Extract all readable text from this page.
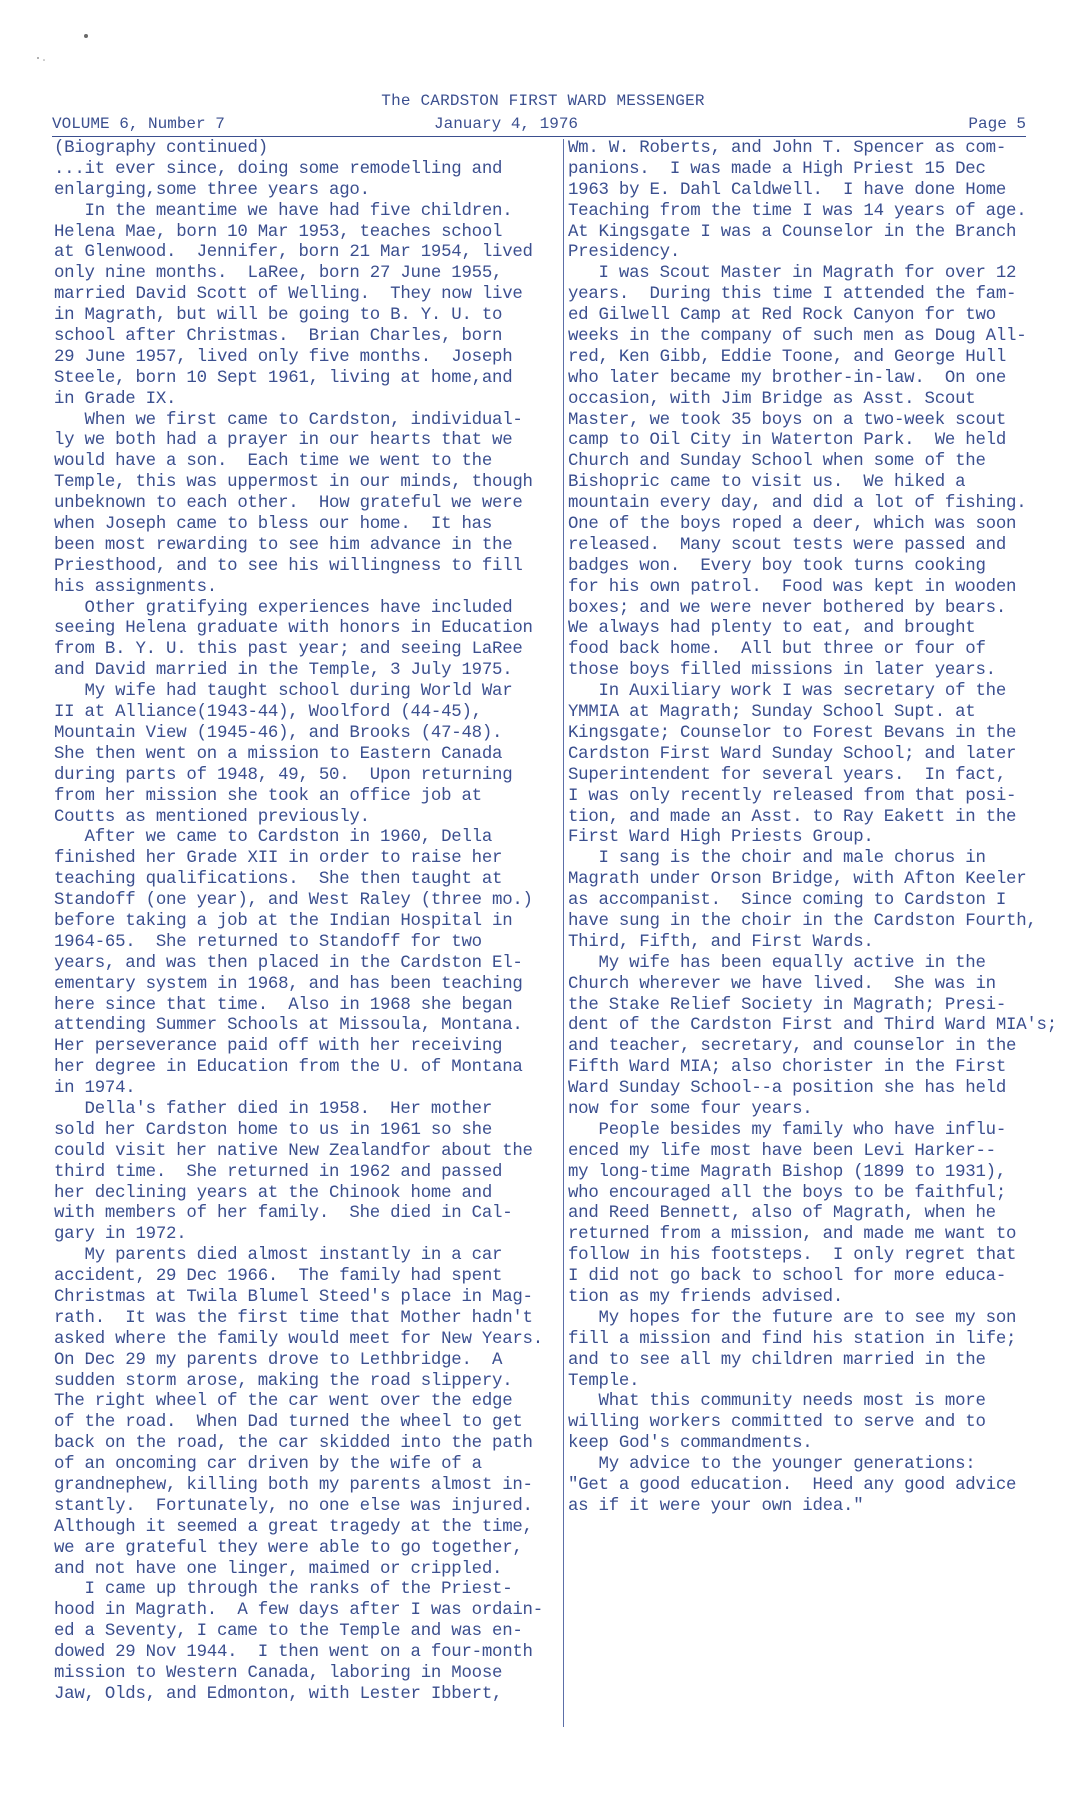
The CARDSTON FIRST WARD MESSENGER
VOLUME 6, Number 7	January 4, 1976	Page 5
(Biography continued)
...it ever since, doing some remodelling and
enlarging,some three years ago.
In the meantime we have had five children.
Helena Mae, born 10 Mar 1953, teaches school
at Glenwood.  Jennifer, born 21 Mar 1954, lived
only nine months.  LaRee, born 27 June 1955,
married David Scott of Welling.  They now live
in Magrath, but will be going to B. Y. U. to
school after Christmas.  Brian Charles, born
29 June 1957, lived only five months.  Joseph
Steele, born 10 Sept 1961, living at home,and
in Grade IX.
When we first came to Cardston, individual-
ly we both had a prayer in our hearts that we
would have a son.  Each time we went to the
Temple, this was uppermost in our minds, though
unbeknown to each other.  How grateful we were
when Joseph came to bless our home.  It has
been most rewarding to see him advance in the
Priesthood, and to see his willingness to fill
his assignments.
Other gratifying experiences have included
seeing Helena graduate with honors in Education
from B. Y. U. this past year; and seeing LaRee
and David married in the Temple, 3 July 1975.
My wife had taught school during World War
II at Alliance(1943-44), Woolford (44-45),
Mountain View (1945-46), and Brooks (47-48).
She then went on a mission to Eastern Canada
during parts of 1948, 49, 50.  Upon returning
from her mission she took an office job at
Coutts as mentioned previously.
After we came to Cardston in 1960, Della
finished her Grade XII in order to raise her
teaching qualifications.  She then taught at
Standoff (one year), and West Raley (three mo.)
before taking a job at the Indian Hospital in
1964-65.  She returned to Standoff for two
years, and was then placed in the Cardston El-
ementary system in 1968, and has been teaching
here since that time.  Also in 1968 she began
attending Summer Schools at Missoula, Montana.
Her perseverance paid off with her receiving
her degree in Education from the U. of Montana
in 1974.
Della's father died in 1958.  Her mother
sold her Cardston home to us in 1961 so she
could visit her native New Zealandfor about the
third time.  She returned in 1962 and passed
her declining years at the Chinook home and
with members of her family.  She died in Cal-
gary in 1972.
My parents died almost instantly in a car
accident, 29 Dec 1966.  The family had spent
Christmas at Twila Blumel Steed's place in Mag-
rath.  It was the first time that Mother hadn't
asked where the family would meet for New Years.
On Dec 29 my parents drove to Lethbridge.  A
sudden storm arose, making the road slippery.
The right wheel of the car went over the edge
of the road.  When Dad turned the wheel to get
back on the road, the car skidded into the path
of an oncoming car driven by the wife of a
grandnephew, killing both my parents almost in-
stantly.  Fortunately, no one else was injured.
Although it seemed a great tragedy at the time,
we are grateful they were able to go together,
and not have one linger, maimed or crippled.
I came up through the ranks of the Priest-
hood in Magrath.  A few days after I was ordain-
ed a Seventy, I came to the Temple and was en-
dowed 29 Nov 1944.  I then went on a four-month
mission to Western Canada, laboring in Moose
Jaw, Olds, and Edmonton, with Lester Ibbert,
Wm. W. Roberts, and John T. Spencer as com-
panions.  I was made a High Priest 15 Dec
1963 by E. Dahl Caldwell.  I have done Home
Teaching from the time I was 14 years of age.
At Kingsgate I was a Counselor in the Branch
Presidency.
I was Scout Master in Magrath for over 12
years.  During this time I attended the fam-
ed Gilwell Camp at Red Rock Canyon for two
weeks in the company of such men as Doug All-
red, Ken Gibb, Eddie Toone, and George Hull
who later became my brother-in-law.  On one
occasion, with Jim Bridge as Asst. Scout
Master, we took 35 boys on a two-week scout
camp to Oil City in Waterton Park.  We held
Church and Sunday School when some of the
Bishopric came to visit us.  We hiked a
mountain every day, and did a lot of fishing.
One of the boys roped a deer, which was soon
released.  Many scout tests were passed and
badges won.  Every boy took turns cooking
for his own patrol.  Food was kept in wooden
boxes; and we were never bothered by bears.
We always had plenty to eat, and brought
food back home.  All but three or four of
those boys filled missions in later years.
In Auxiliary work I was secretary of the
YMMIA at Magrath; Sunday School Supt. at
Kingsgate; Counselor to Forest Bevans in the
Cardston First Ward Sunday School; and later
Superintendent for several years.  In fact,
I was only recently released from that posi-
tion, and made an Asst. to Ray Eakett in the
First Ward High Priests Group.
I sang is the choir and male chorus in
Magrath under Orson Bridge, with Afton Keeler
as accompanist.  Since coming to Cardston I
have sung in the choir in the Cardston Fourth,
Third, Fifth, and First Wards.
My wife has been equally active in the
Church wherever we have lived.  She was in
the Stake Relief Society in Magrath; Presi-
dent of the Cardston First and Third Ward MIA's;
and teacher, secretary, and counselor in the
Fifth Ward MIA; also chorister in the First
Ward Sunday School--a position she has held
now for some four years.
People besides my family who have influ-
enced my life most have been Levi Harker--
my long-time Magrath Bishop (1899 to 1931),
who encouraged all the boys to be faithful;
and Reed Bennett, also of Magrath, when he
returned from a mission, and made me want to
follow in his footsteps.  I only regret that
I did not go back to school for more educa-
tion as my friends advised.
My hopes for the future are to see my son
fill a mission and find his station in life;
and to see all my children married in the
Temple.
What this community needs most is more
willing workers committed to serve and to
keep God's commandments.
My advice to the younger generations:
"Get a good education.  Heed any good advice
as if it were your own idea."
